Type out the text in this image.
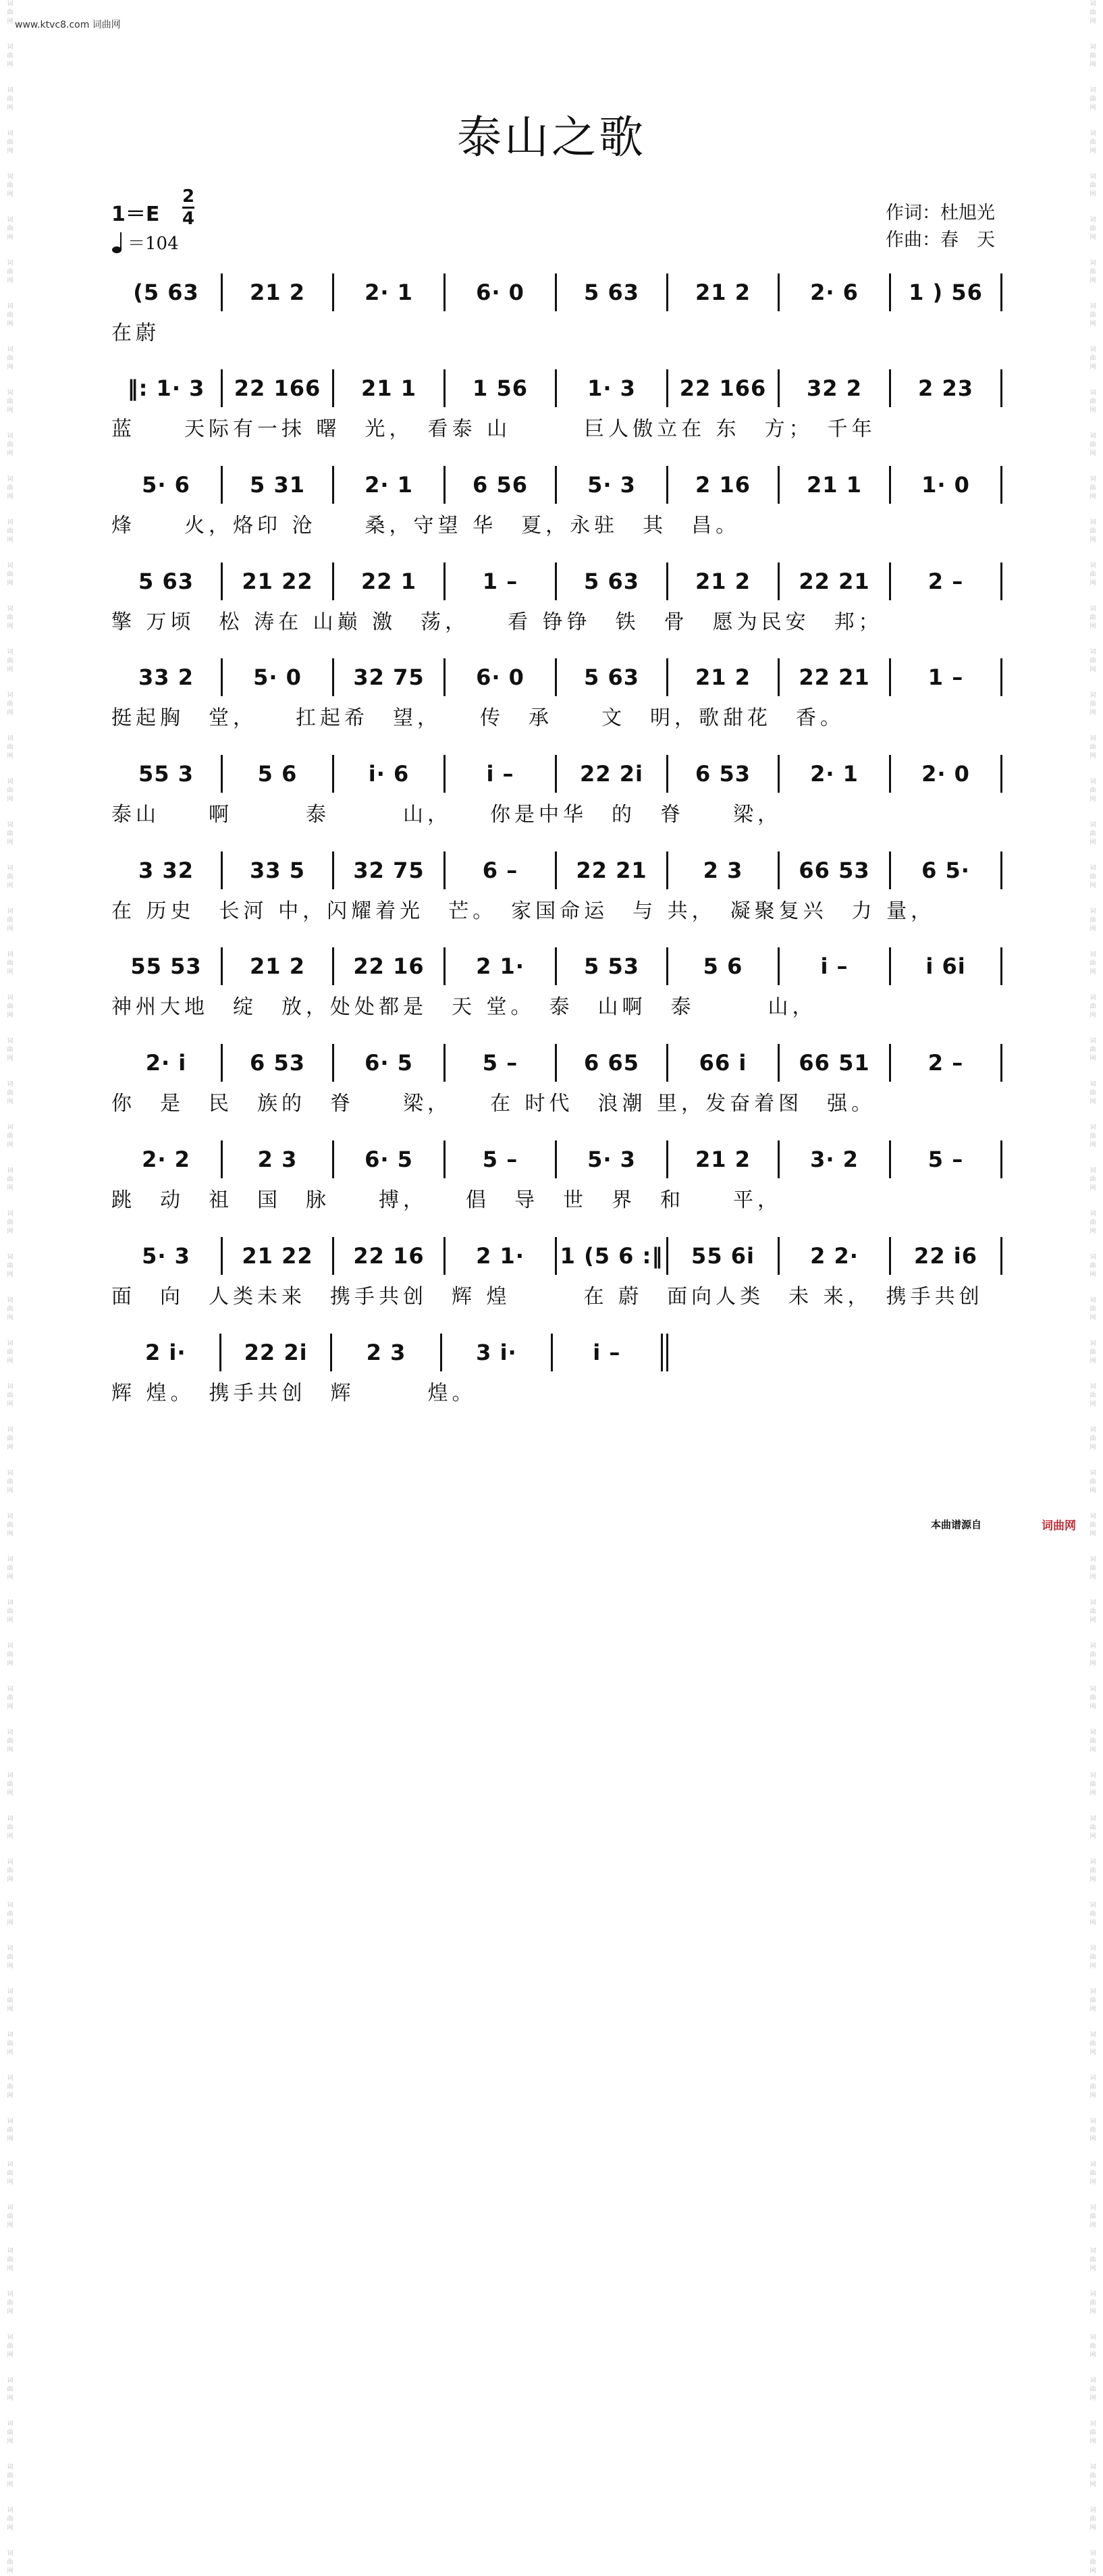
词
曲
网
词
曲
网
词
曲
网
词
曲
网
词
曲
网
词
曲
网
词
曲
网
词
曲
网
词
曲
网
词
曲
网
词
曲
网
词
曲
网
词
曲
网
词
曲
网
词
曲
网
词
曲
网
词
曲
网
词
曲
网
词
曲
网
词
曲
网
词
曲
网
词
曲
网
词
曲
网
词
曲
网
词
曲
网
词
曲
网
词
曲
网
词
曲
网
词
曲
网
词
曲
网
词
曲
网
词
曲
网
词
曲
网
词
曲
网
词
曲
网
词
曲
网
词
曲
网
词
曲
网
词
曲
网
词
曲
网
词
曲
网
词
曲
网
词
曲
网
词
曲
网
词
曲
网
词
曲
网
词
曲
网
词
曲
网
词
曲
网
词
曲
网
词
曲
网
词
曲
网
词
曲
网
词
曲
网
词
曲
网
词
曲
网
词
曲
网
词
曲
网
词
曲
网
词
曲
网
词
曲
网
词
曲
网
词
曲
网
词
曲
网
词
曲
网
词
曲
网
词
曲
网
词
曲
网
词
曲
网
词
曲
网
词
曲
网
词
曲
网
词
曲
网
词
曲
网
词
曲
网
词
曲
网
词
曲
网
词
曲
网
词
曲
网
词
曲
网
词
曲
网
词
曲
网
词
曲
网
词
曲
网
词
曲
网
词
曲
网
词
曲
网
词
曲
网
词
曲
网
词
曲
网
词
曲
网
词
曲
网
词
曲
网
词
曲
网
词
曲
网
词
曲
网
词
曲
网
词
曲
网
词
曲
网
词
曲
网
词
曲
网
词
曲
网
词
曲
网
词
曲
网
词
曲
网
词
曲
网
词
曲
网
词
曲
网
词
曲
网
词
曲
网
词
曲
网
词
曲
网
词
曲
网
词
曲
网
词
曲
网
词
曲
网
词
曲
网
词
曲
网
词
曲
网
词
曲
网
www.ktvc8.com 词曲网
泰山之歌
1＝E
2
4
＝104
作词：杜旭光
作曲：春　天
(5 63	21 2	2· 1	6· 0	5 63	21 2	2· 6	1 ) 56
在蔚
‖: 1· 3	22 166	21 1	1 56	1· 3	22 166	32 2	2 23
蓝　　天际有一抹 曙　光，　看泰 山　　　巨人傲立在 东　方；　千年
5· 6	5 31	2· 1	6 56	5· 3	2 16	21 1	1· 0
烽　　火，烙印 沧　　桑，守望 华　夏，永驻　其　昌。
5 63	21 22	22 1	1 –	5 63	21 2	22 21	2 –
擎 万顷　松 涛在 山巅 激　荡，　　看 铮铮　铁　骨　愿为民安　邦；
33 2	5· 0	32 75	6· 0	5 63	21 2	22 21	1 –
挺起胸　堂，　　扛起希　望，　　传　承　　文　明，歌甜花　香。
55 3	5 6	i· 6	i –	22 2i	6 53	2· 1	2· 0
泰山　　啊　　　泰　　　山，　　你是中华　的　脊　　梁，
3 32	33 5	32 75	6 –	22 21	2 3	66 53	6 5·
在 历史　长河 中，闪耀着光　芒。　家国命运　与 共，　凝聚复兴　力 量，
55 53	21 2	22 16	2 1·	5 53	5 6	i –	i 6i
神州大地　绽　放，处处都是　天 堂。　泰　山啊　泰　　　山，
2· i	6 53	6· 5	5 –	6 65	66 i	66 51	2 –
你　是　民　族的　脊　　梁，　　在 时代　浪潮 里，发奋着图　强。
2· 2	2 3	6· 5	5 –	5· 3	21 2	3· 2	5 –
跳　动　祖　国　脉　　搏，　　倡　导　世　界　和　　平，
5· 3	21 22	22 16	2 1·	1 (5 6 :‖	55 6i	2 2·	22 i6
面　向　人类未来　携手共创　辉 煌　　　在 蔚　面向人类　未 来，　携手共创
2 i·	22 2i	2 3	3 i·	i –
辉 煌。　携手共创　辉　　　煌。
本曲谱源自	词曲网
